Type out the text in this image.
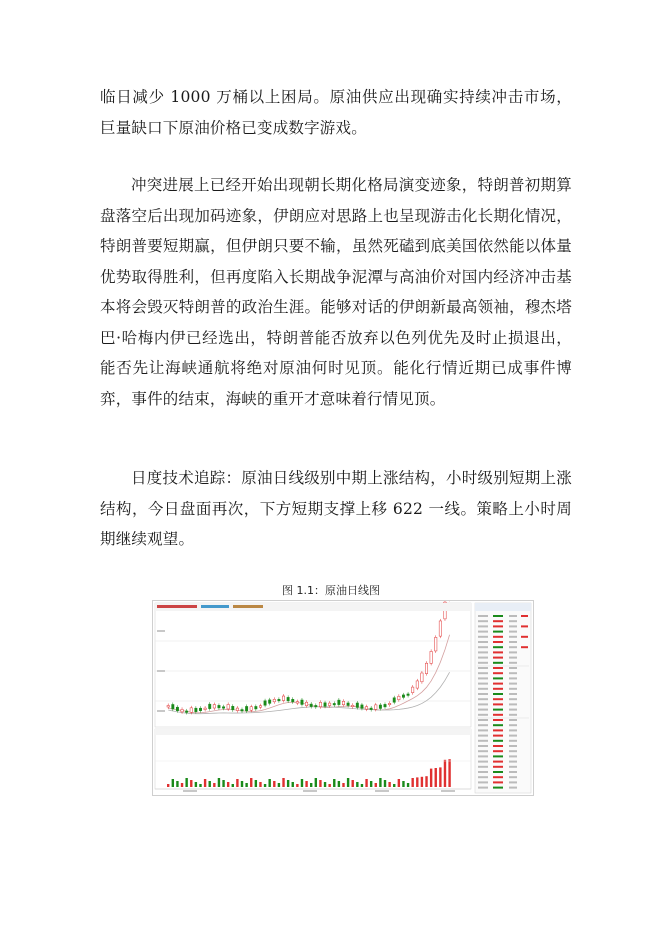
临日减少 1000 万桶以上困局。原油供应出现确实持续冲击市场，巨量缺口下原油价格已变成数字游戏。

冲突进展上已经开始出现朝长期化格局演变迹象，特朗普初期算盘落空后出现加码迹象，伊朗应对思路上也呈现游击化长期化情况，特朗普要短期赢，但伊朗只要不输，虽然死磕到底美国依然能以体量优势取得胜利，但再度陷入长期战争泥潭与高油价对国内经济冲击基本将会毁灭特朗普的政治生涯。能够对话的伊朗新最高领袖，穆杰塔巴·哈梅内伊已经选出，特朗普能否放弃以色列优先及时止损退出，能否先让海峡通航将绝对原油何时见顶。能化行情近期已成事件博弈，事件的结束，海峡的重开才意味着行情见顶。

日度技术追踪：原油日线级别中期上涨结构，小时级别短期上涨结构，今日盘面再次，下方短期支撑上移 622 一线。策略上小时周期继续观望。

图 1.1：原油日线图
